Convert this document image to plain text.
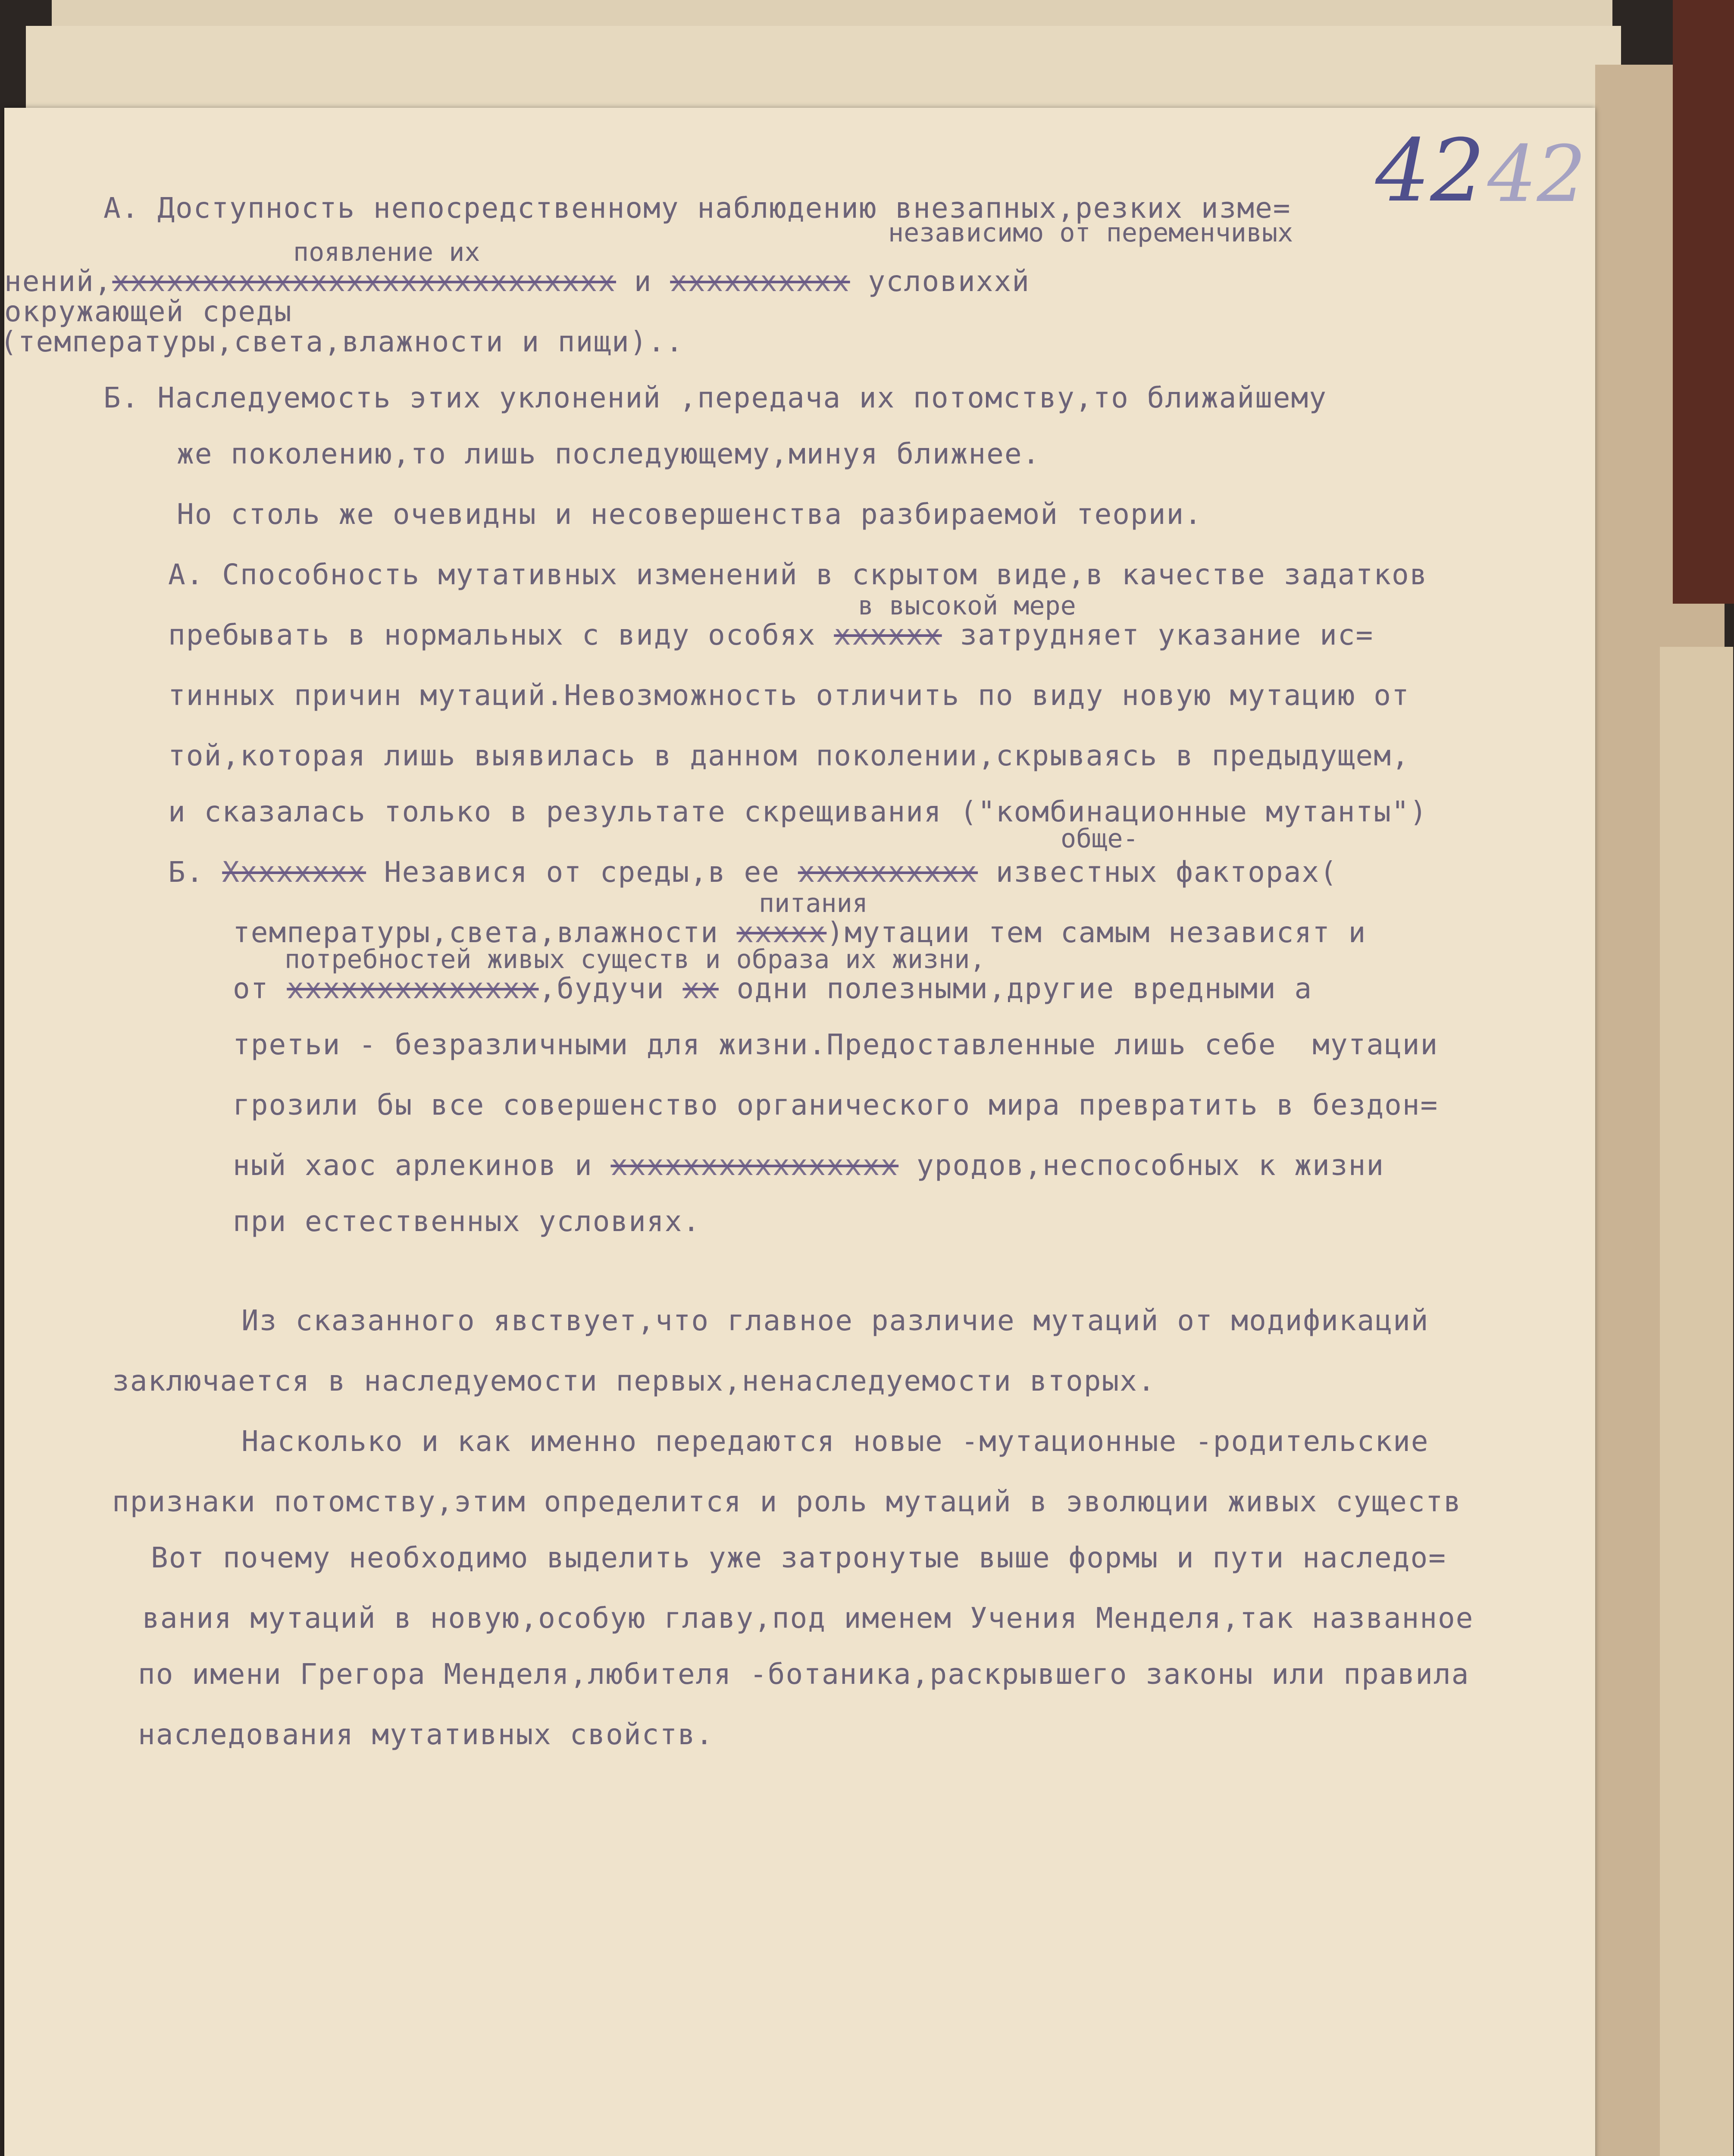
42 42
А. Доступность непосредственному наблюдению внезапных,резких изме=
появление их
независимо от переменчивых
нений,хххххххххххххххххххххххххххх и хххххххххх условиххй
окружающей среды
(температуры,света,влажности и пищи)..
Б. Наследуемость этих уклонений ,передача их потомству,то ближайшему
же поколению,то лишь последующему,минуя ближнее.
Но столь же очевидны и несовершенства разбираемой теории.
А. Способность мутативных изменений в скрытом виде,в качестве задатков
в высокой мере
пребывать в нормальных с виду особях хххххх затрудняет указание ис=
тинных причин мутаций.Невозможность отличить по виду новую мутацию от
той,которая лишь выявилась в данном поколении,скрываясь в предыдущем,
и сказалась только в результате скрещивания ("комбинационные мутанты")
обще-
Б. Хххххххх Независя от среды,в ее хххххххххх известных факторах(
питания
температуры,света,влажности ххххх)мутации тем самым независят и
потребностей живых существ и образа их жизни,
от хххххххххххххх,будучи хх одни полезными,другие вредными а
третьи - безразличными для жизни.Предоставленные лишь себе  мутации
грозили бы все совершенство органического мира превратить в бездон=
ный хаос арлекинов и хххххххххххххххх уродов,неспособных к жизни
при естественных условиях.
Из сказанного явствует,что главное различие мутаций от модификаций
заключается в наследуемости первых,ненаследуемости вторых.
Насколько и как именно передаются новые -мутационные -родительские
признаки потомству,этим определится и роль мутаций в эволюции живых существ
Вот почему необходимо выделить уже затронутые выше формы и пути наследо=
вания мутаций в новую,особую главу,под именем Учения Менделя,так названное
по имени Грегора Менделя,любителя -ботаника,раскрывшего законы или правила
наследования мутативных свойств.
